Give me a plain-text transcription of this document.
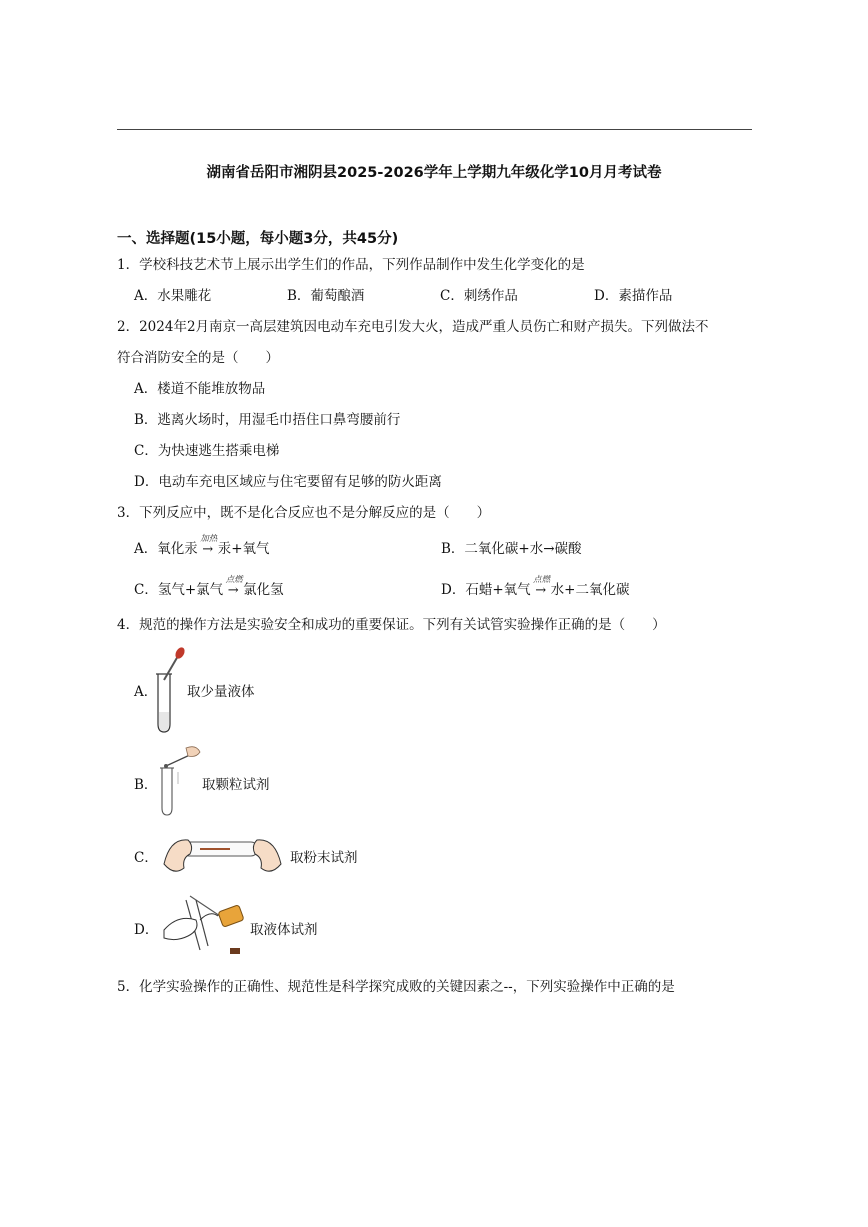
湖南省岳阳市湘阴县2025-2026学年上学期九年级化学10月月考试卷
一、选择题(15小题，每小题3分，共45分)
1．学校科技艺术节上展示出学生们的作品，下列作品制作中发生化学变化的是
A．水果雕花	B．葡萄酿酒	C．刺绣作品	D．素描作品
2．2024年2月南京一高层建筑因电动车充电引发大火，造成严重人员伤亡和财产损失。下列做法不
符合消防安全的是（　　）
A．楼道不能堆放物品
B．逃离火场时，用湿毛巾捂住口鼻弯腰前行
C．为快速逃生搭乘电梯
D．电动车充电区域应与住宅要留有足够的防火距离
3．下列反应中，既不是化合反应也不是分解反应的是（　　）
A．氧化汞
加热
→ 汞+氧气	B．二氧化碳+水→碳酸
C．氢气+氯气
点燃
→ 氯化氢	D．石蜡+氧气
点燃
→ 水+二氧化碳
4．规范的操作方法是实验安全和成功的重要保证。下列有关试管实验操作正确的是（　　）
A． 取少量液体
B．	取颗粒试剂
C．	取粉末试剂
D．	取液体试剂
5．化学实验操作的正确性、规范性是科学探究成败的关键因素之--，下列实验操作中正确的是
